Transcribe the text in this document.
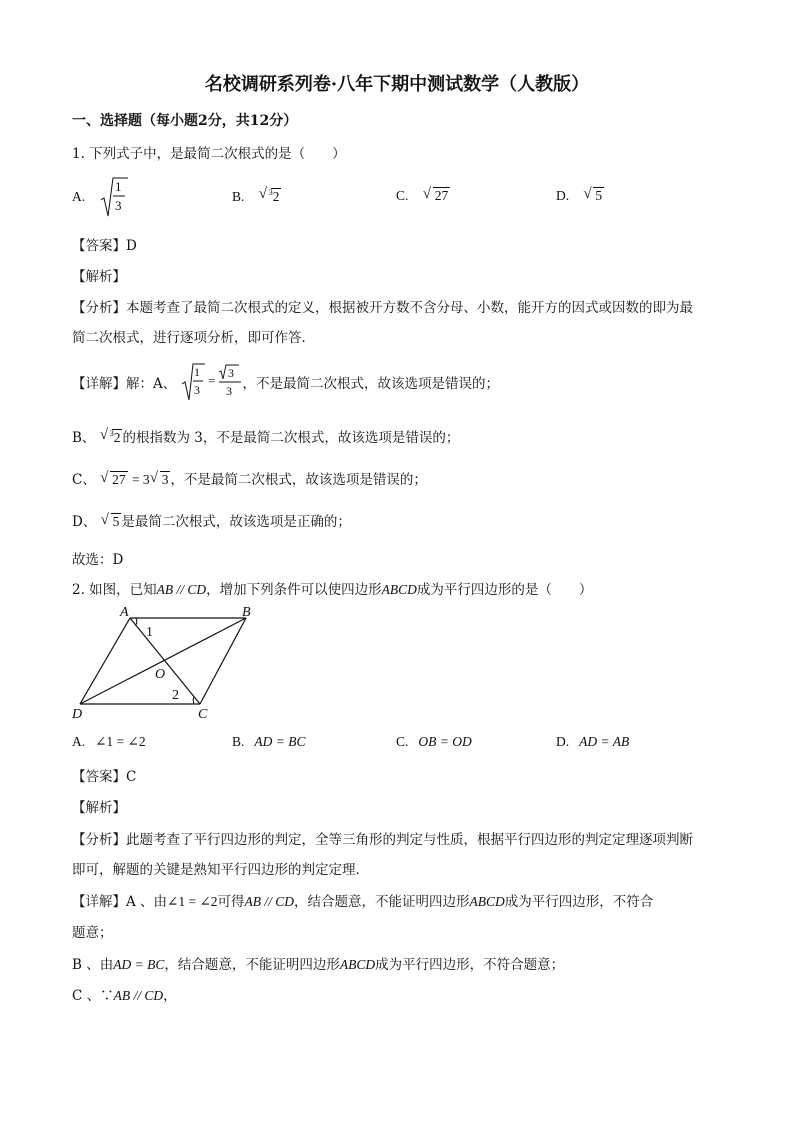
名校调研系列卷·八年下期中测试数学（人教版）
一、选择题（每小题2分，共12分）
1. 下列式子中，是最简二次根式的是（　　）
A.
1
3
B.	$^3$
√ 2	C. √ 27	D. √ 5
【答案】D
【解析】
【分析】本题考查了最简二次根式的定义，根据被开方数不含分母、小数，能开方的因式或因数的即为最
简二次根式，进行逐项分析，即可作答．
【详解】解：A、
1
3
= 3
3 ，不是最简二次根式，故该选项是错误的；
B、 $^3$
√ 2 的根指数为 3，不是最简二次根式，故该选项是错误的；
C、 √ 27 = 3 √ 3 ，不是最简二次根式，故该选项是错误的；
D、 √ 5 是最简二次根式，故该选项是正确的；
故选：D
2. 如图，已知AB // CD，增加下列条件可以使四边形ABCD成为平行四边形的是（　　）
A	B
C
D
O
1
2
A. ∠1 = ∠2	B. AD = BC	C. OB = OD	D. AD = AB
【答案】C
【解析】
【分析】此题考查了平行四边形的判定，全等三角形的判定与性质，根据平行四边形的判定定理逐项判断
即可，解题的关键是熟知平行四边形的判定定理．
【详解】A 、由∠1 = ∠2可得AB // CD，结合题意，不能证明四边形ABCD成为平行四边形，不符合
题意；
B 、由AD = BC，结合题意，不能证明四边形ABCD成为平行四边形，不符合题意；
C 、∵AB // CD，
